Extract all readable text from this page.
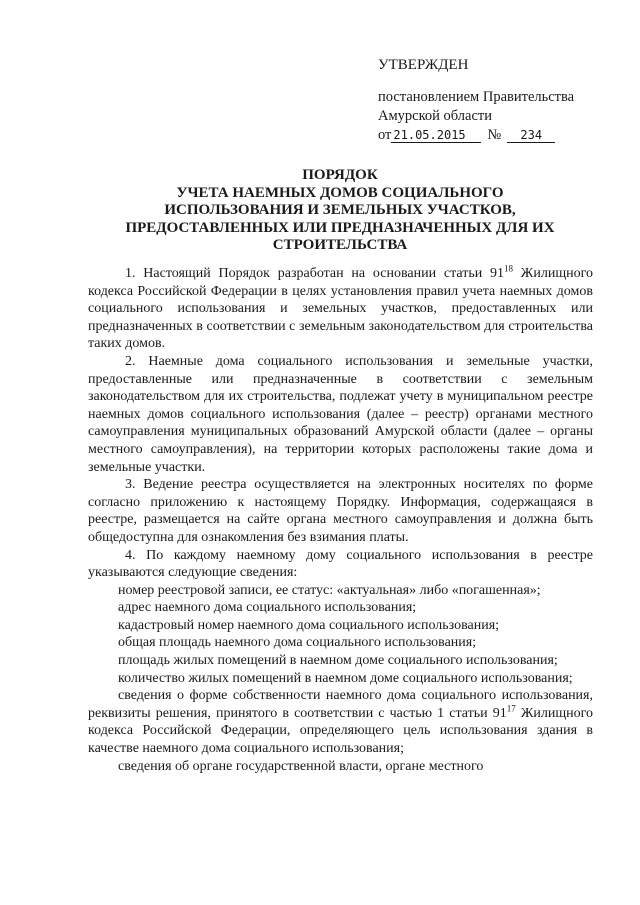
УТВЕРЖДЕН
постановлением Правительства
Амурской области
от 21.05.2015 № 234
ПОРЯДОК
УЧЕТА НАЕМНЫХ ДОМОВ СОЦИАЛЬНОГО
ИСПОЛЬЗОВАНИЯ И ЗЕМЕЛЬНЫХ УЧАСТКОВ,
ПРЕДОСТАВЛЕННЫХ ИЛИ ПРЕДНАЗНАЧЕННЫХ ДЛЯ ИХ
СТРОИТЕЛЬСТВА

1. Настоящий Порядок разработан на основании статьи $91^{18}$ Жилищного кодекса Российской Федерации в целях установления правил учета наемных домов социального использования и земельных участков, предоставленных или предназначенных в соответствии с земельным законодательством для строительства таких домов.

2. Наемные дома социального использования и земельные участки, предоставленные или предназначенные в соответствии с земельным законодательством для их строительства, подлежат учету в муниципальном реестре наемных домов социального использования (далее – реестр) органами местного самоуправления муниципальных образований Амурской области (далее – органы местного самоуправления), на территории которых расположены такие дома и земельные участки.

3. Ведение реестра осуществляется на электронных носителях по форме согласно приложению к настоящему Порядку. Информация, содержащаяся в реестре, размещается на сайте органа местного самоуправления и должна быть общедоступна для ознакомления без взимания платы.

4. По каждому наемному дому социального использования в реестре указываются следующие сведения:

номер реестровой записи, ее статус: «актуальная» либо «погашенная»;

адрес наемного дома социального использования;

кадастровый номер наемного дома социального использования;

общая площадь наемного дома социального использования;

площадь жилых помещений в наемном доме социального использования;

количество жилых помещений в наемном доме социального использования;

сведения о форме собственности наемного дома социального использования, реквизиты решения, принятого в соответствии с частью 1 статьи $91^{17}$ Жилищного кодекса Российской Федерации, определяющего цель использования здания в качестве наемного дома социального использования;

сведения об органе государственной власти, органе местного
